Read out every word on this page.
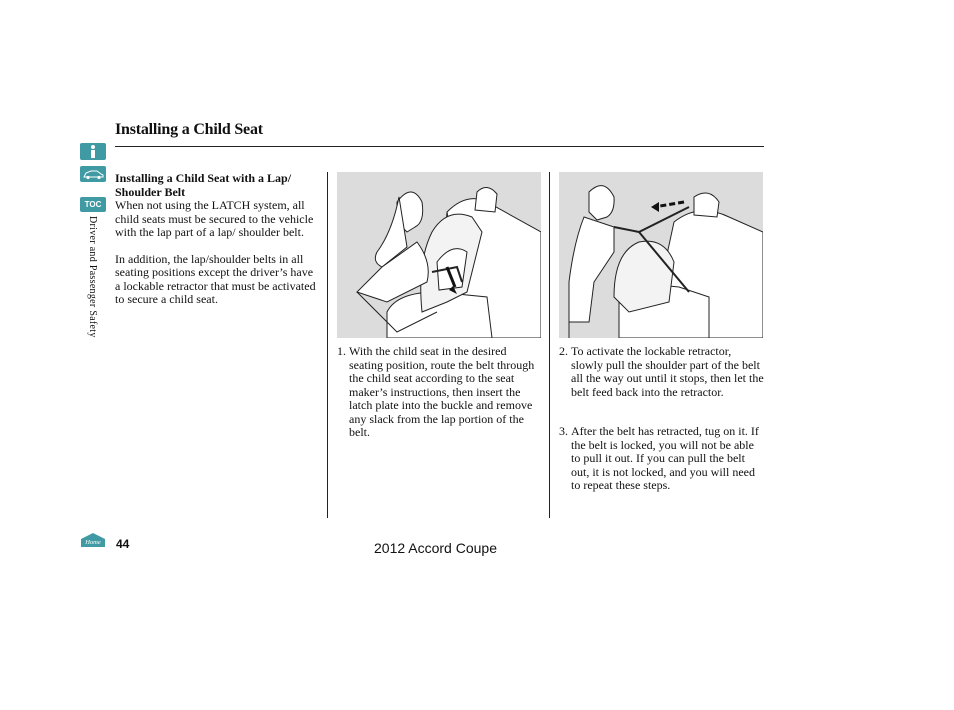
Installing a Child Seat
TOC
Driver and Passenger Safety

Installing a Child Seat with a Lap/ Shoulder Belt

When not using the LATCH system, all child seats must be secured to the vehicle with the lap part of a lap/ shoulder belt.

In addition, the lap/shoulder belts in all seating positions except the driver’s have a lockable retractor that must be activated to secure a child seat.

1. With the child seat in the desired seating position, route the belt through the child seat according to the seat maker’s instructions, then insert the latch plate into the buckle and remove any slack from the lap portion of the belt.

2. To activate the lockable retractor, slowly pull the shoulder part of the belt all the way out until it stops, then let the belt feed back into the retractor.

3. After the belt has retracted, tug on it. If the belt is locked, you will not be able to pull it out. If you can pull the belt out, it is not locked, and you will need to repeat these steps.

Home 44	2012 Accord Coupe
